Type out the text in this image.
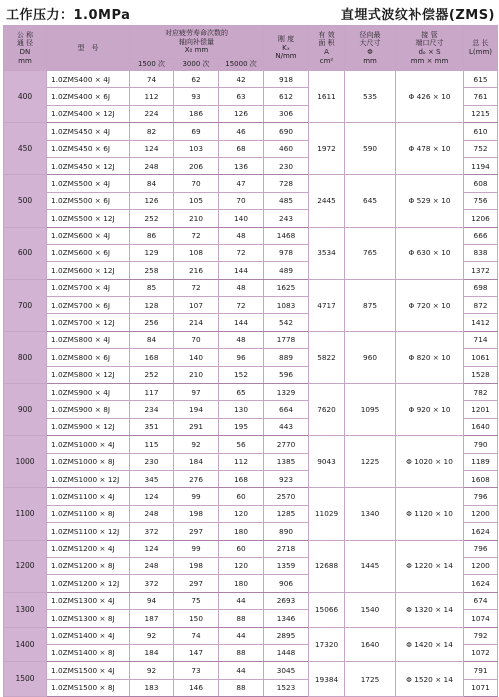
工作压力：1.0MPa	直埋式波纹补偿器(ZMS)
公 称
通 径
DN
mm	型　号	对应疲劳寿命次数的
轴向补偿量
X₀ mm			刚 度
Kₓ
N/mm	有 效
面 积
A
cm²	径向最
大尺寸
Φ
mm	接 管
端口尺寸
dₒ × S
mm × mm	总 长
L(mm)
		1500 次	3000 次	15000 次					
400	1.0ZMS400 × 4J	74	62	42	918	1611	535	Φ 426 × 10	615
	1.0ZMS400 × 6J	112	93	63	612				761
	1.0ZMS400 × 12J	224	186	126	306				1215
450	1.0ZMS450 × 4J	82	69	46	690	1972	590	Φ 478 × 10	610
	1.0ZMS450 × 6J	124	103	68	460				752
	1.0ZMS450 × 12J	248	206	136	230				1194
500	1.0ZMS500 × 4J	84	70	47	728	2445	645	Φ 529 × 10	608
	1.0ZMS500 × 6J	126	105	70	485				756
	1.0ZMS500 × 12J	252	210	140	243				1206
600	1.0ZMS600 × 4J	86	72	48	1468	3534	765	Φ 630 × 10	666
	1.0ZMS600 × 6J	129	108	72	978				838
	1.0ZMS600 × 12J	258	216	144	489				1372
700	1.0ZMS700 × 4J	85	72	48	1625	4717	875	Φ 720 × 10	698
	1.0ZMS700 × 6J	128	107	72	1083				872
	1.0ZMS700 × 12J	256	214	144	542				1412
800	1.0ZMS800 × 4J	84	70	48	1778	5822	960	Φ 820 × 10	714
	1.0ZMS800 × 6J	168	140	96	889				1061
	1.0ZMS800 × 12J	252	210	152	596				1528
900	1.0ZMS900 × 4J	117	97	65	1329	7620	1095	Φ 920 × 10	782
	1.0ZMS900 × 8J	234	194	130	664				1201
	1.0ZMS900 × 12J	351	291	195	443				1640
1000	1.0ZMS1000 × 4J	115	92	56	2770	9043	1225	Φ 1020 × 10	790
	1.0ZMS1000 × 8J	230	184	112	1385				1189
	1.0ZMS1000 × 12J	345	276	168	923				1608
1100	1.0ZMS1100 × 4J	124	99	60	2570	11029	1340	Φ 1120 × 10	796
	1.0ZMS1100 × 8J	248	198	120	1285				1200
	1.0ZMS1100 × 12J	372	297	180	890				1624
1200	1.0ZMS1200 × 4J	124	99	60	2718	12688	1445	Φ 1220 × 14	796
	1.0ZMS1200 × 8J	248	198	120	1359				1200
	1.0ZMS1200 × 12J	372	297	180	906				1624
1300	1.0ZMS1300 × 4J	94	75	44	2693	15066	1540	Φ 1320 × 14	674
	1.0ZMS1300 × 8J	187	150	88	1346				1074
1400	1.0ZMS1400 × 4J	92	74	44	2895	17320	1640	Φ 1420 × 14	792
	1.0ZMS1400 × 8J	184	147	88	1448				1072
1500	1.0ZMS1500 × 4J	92	73	44	3045	19384	1725	Φ 1520 × 14	791
	1.0ZMS1500 × 8J	183	146	88	1523				1071
